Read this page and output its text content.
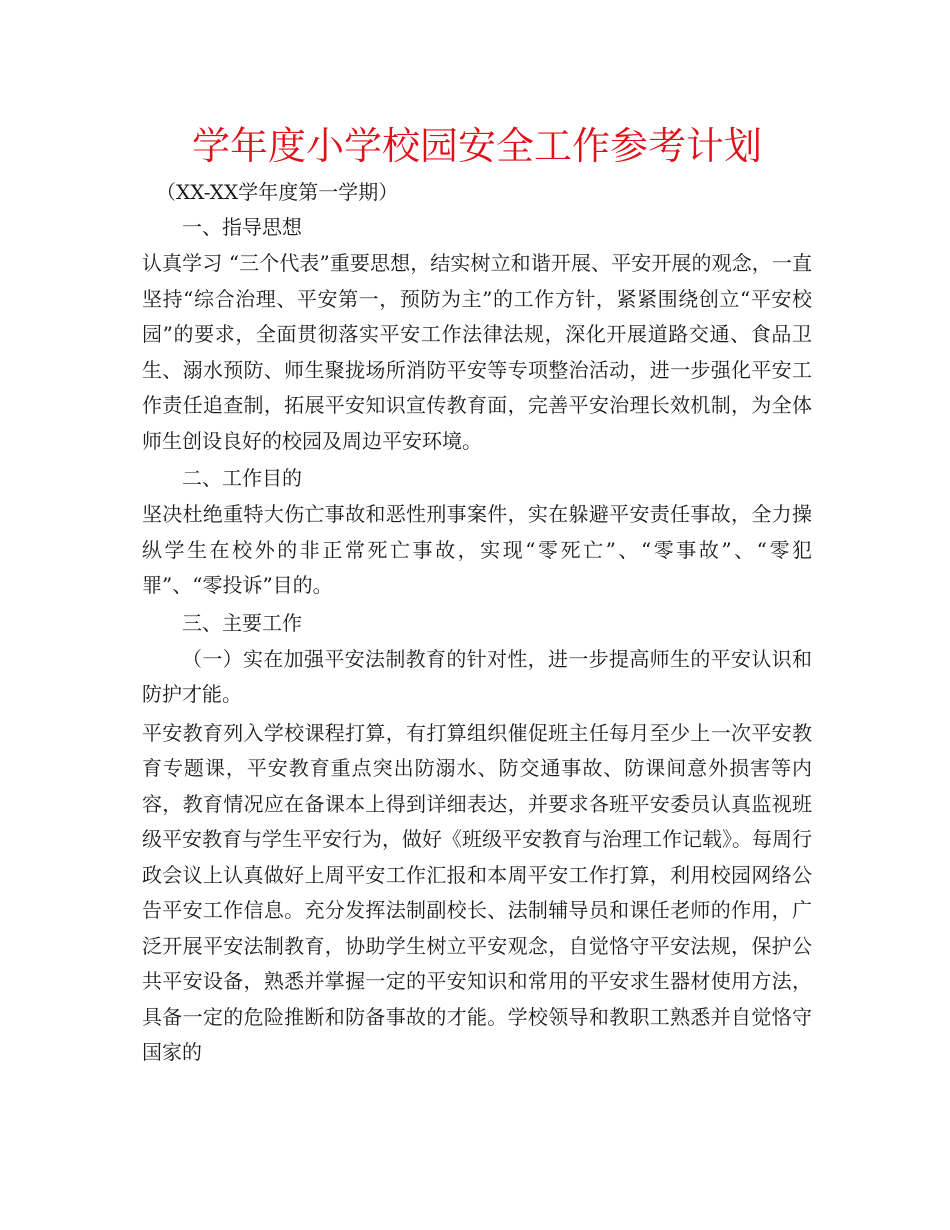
学年度小学校园安全工作参考计划
（XX-XX学年度第一学期）
一、指导思想

认真学习 “三个代表”重要思想，结实树立和谐开展、平安开展的观念，一直坚持“综合治理、平安第一，预防为主”的工作方针，紧紧围绕创立“平安校园”的要求，全面贯彻落实平安工作法律法规，深化开展道路交通、食品卫生、溺水预防、师生聚拢场所消防平安等专项整治活动，进一步强化平安工作责任追查制，拓展平安知识宣传教育面，完善平安治理长效机制，为全体师生创设良好的校园及周边平安环境。

二、工作目的

坚决杜绝重特大伤亡事故和恶性刑事案件，实在躲避平安责任事故，全力操纵学生在校外的非正常死亡事故，实现“零死亡”、“零事故”、“零犯罪”、“零投诉”目的。

三、主要工作

（一）实在加强平安法制教育的针对性，进一步提高师生的平安认识和防护才能。

平安教育列入学校课程打算，有打算组织催促班主任每月至少上一次平安教育专题课，平安教育重点突出防溺水、防交通事故、防课间意外损害等内容，教育情况应在备课本上得到详细表达，并要求各班平安委员认真监视班级平安教育与学生平安行为，做好《班级平安教育与治理工作记载》。每周行政会议上认真做好上周平安工作汇报和本周平安工作打算，利用校园网络公告平安工作信息。充分发挥法制副校长、法制辅导员和课任老师的作用，广泛开展平安法制教育，协助学生树立平安观念，自觉恪守平安法规，保护公共平安设备，熟悉并掌握一定的平安知识和常用的平安求生器材使用方法，具备一定的危险推断和防备事故的才能。学校领导和教职工熟悉并自觉恪守国家的
